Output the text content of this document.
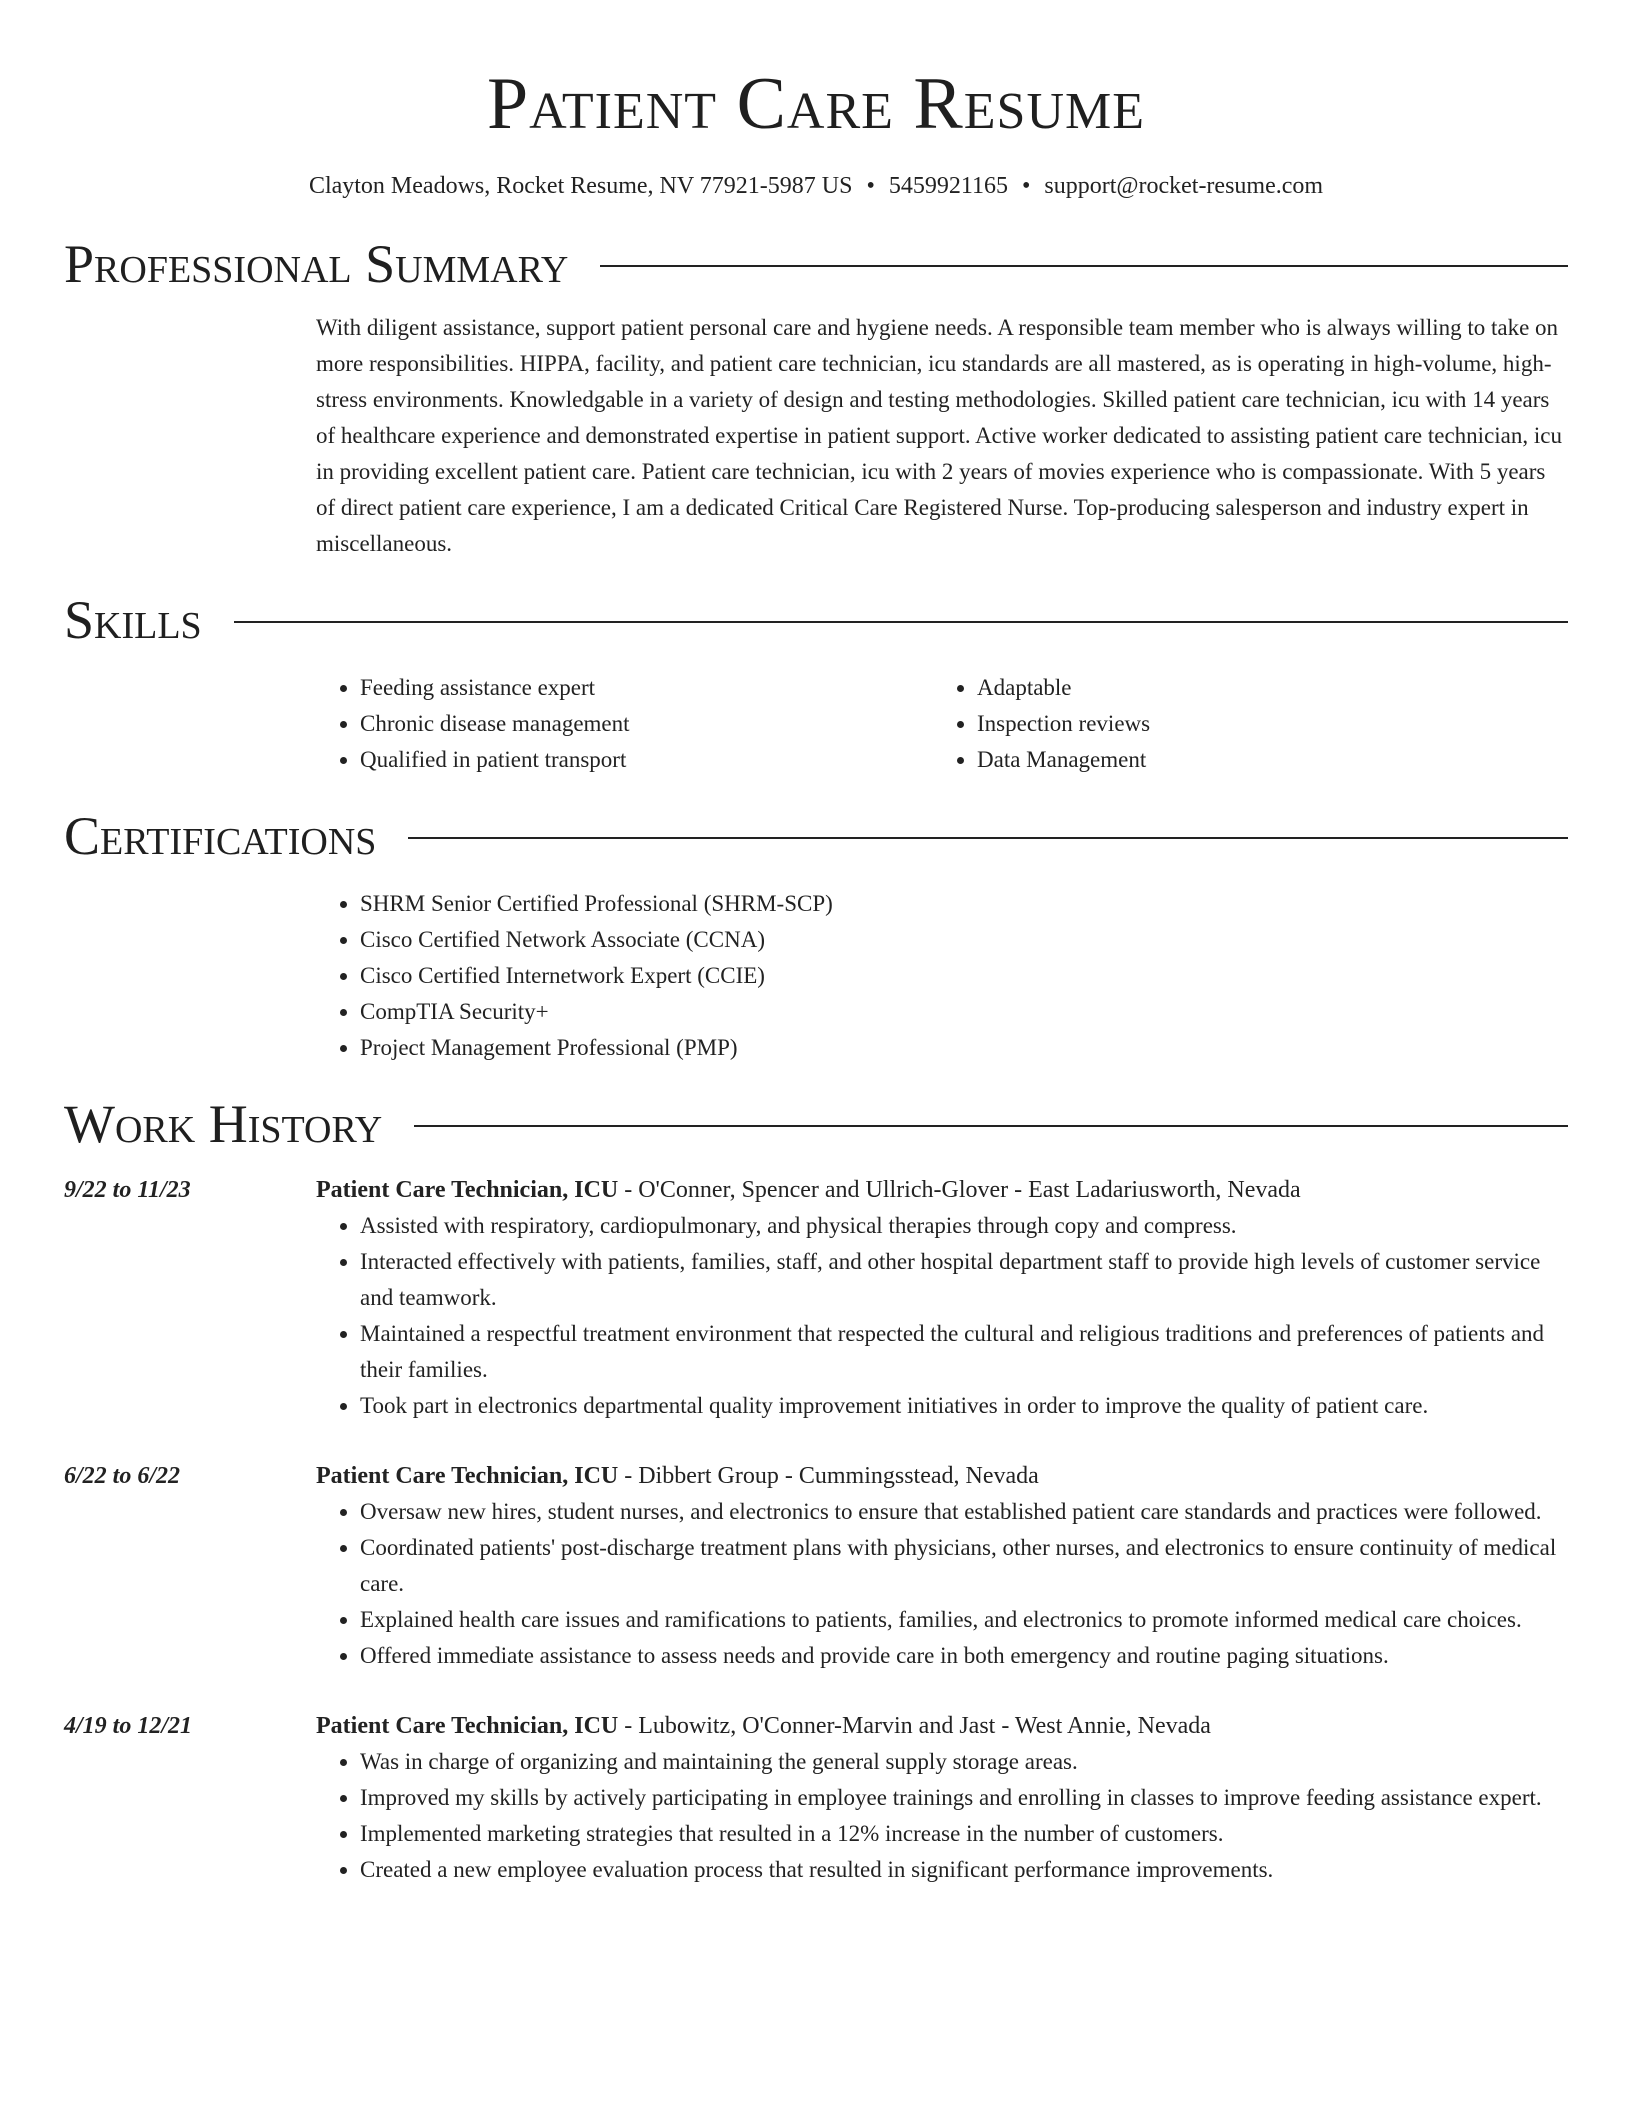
Patient Care Resume
Clayton Meadows, Rocket Resume, NV 77921-5987 US • 5459921165 • support@rocket-resume.com
Professional Summary

With diligent assistance, support patient personal care and hygiene needs. A responsible team member who is always willing to take on more responsibilities. HIPPA, facility, and patient care technician, icu standards are all mastered, as is operating in high-volume, high-stress environments. Knowledgable in a variety of design and testing methodologies. Skilled patient care technician, icu with 14 years of healthcare experience and demonstrated expertise in patient support. Active worker dedicated to assisting patient care technician, icu in providing excellent patient care. Patient care technician, icu with 2 years of movies experience who is compassionate. With 5 years of direct patient care experience, I am a dedicated Critical Care Registered Nurse. Top-producing salesperson and industry expert in miscellaneous.

Skills
• Feeding assistance expert
• Chronic disease management
• Qualified in patient transport
• Adaptable
• Inspection reviews
• Data Management
Certifications
• SHRM Senior Certified Professional (SHRM-SCP)
• Cisco Certified Network Associate (CCNA)
• Cisco Certified Internetwork Expert (CCIE)
• CompTIA Security+
• Project Management Professional (PMP)
Work History
9/22 to 11/23	Patient Care Technician, ICU - O'Conner, Spencer and Ullrich-Glover - East Ladariusworth, Nevada
• Assisted with respiratory, cardiopulmonary, and physical therapies through copy and compress.
• Interacted effectively with patients, families, staff, and other hospital department staff to provide high levels of customer service and teamwork.
• Maintained a respectful treatment environment that respected the cultural and religious traditions and preferences of patients and their families.
• Took part in electronics departmental quality improvement initiatives in order to improve the quality of patient care.
6/22 to 6/22	Patient Care Technician, ICU - Dibbert Group - Cummingsstead, Nevada
• Oversaw new hires, student nurses, and electronics to ensure that established patient care standards and practices were followed.
• Coordinated patients' post-discharge treatment plans with physicians, other nurses, and electronics to ensure continuity of medical care.
• Explained health care issues and ramifications to patients, families, and electronics to promote informed medical care choices.
• Offered immediate assistance to assess needs and provide care in both emergency and routine paging situations.
4/19 to 12/21	Patient Care Technician, ICU - Lubowitz, O'Conner-Marvin and Jast - West Annie, Nevada
• Was in charge of organizing and maintaining the general supply storage areas.
• Improved my skills by actively participating in employee trainings and enrolling in classes to improve feeding assistance expert.
• Implemented marketing strategies that resulted in a 12% increase in the number of customers.
• Created a new employee evaluation process that resulted in significant performance improvements.
